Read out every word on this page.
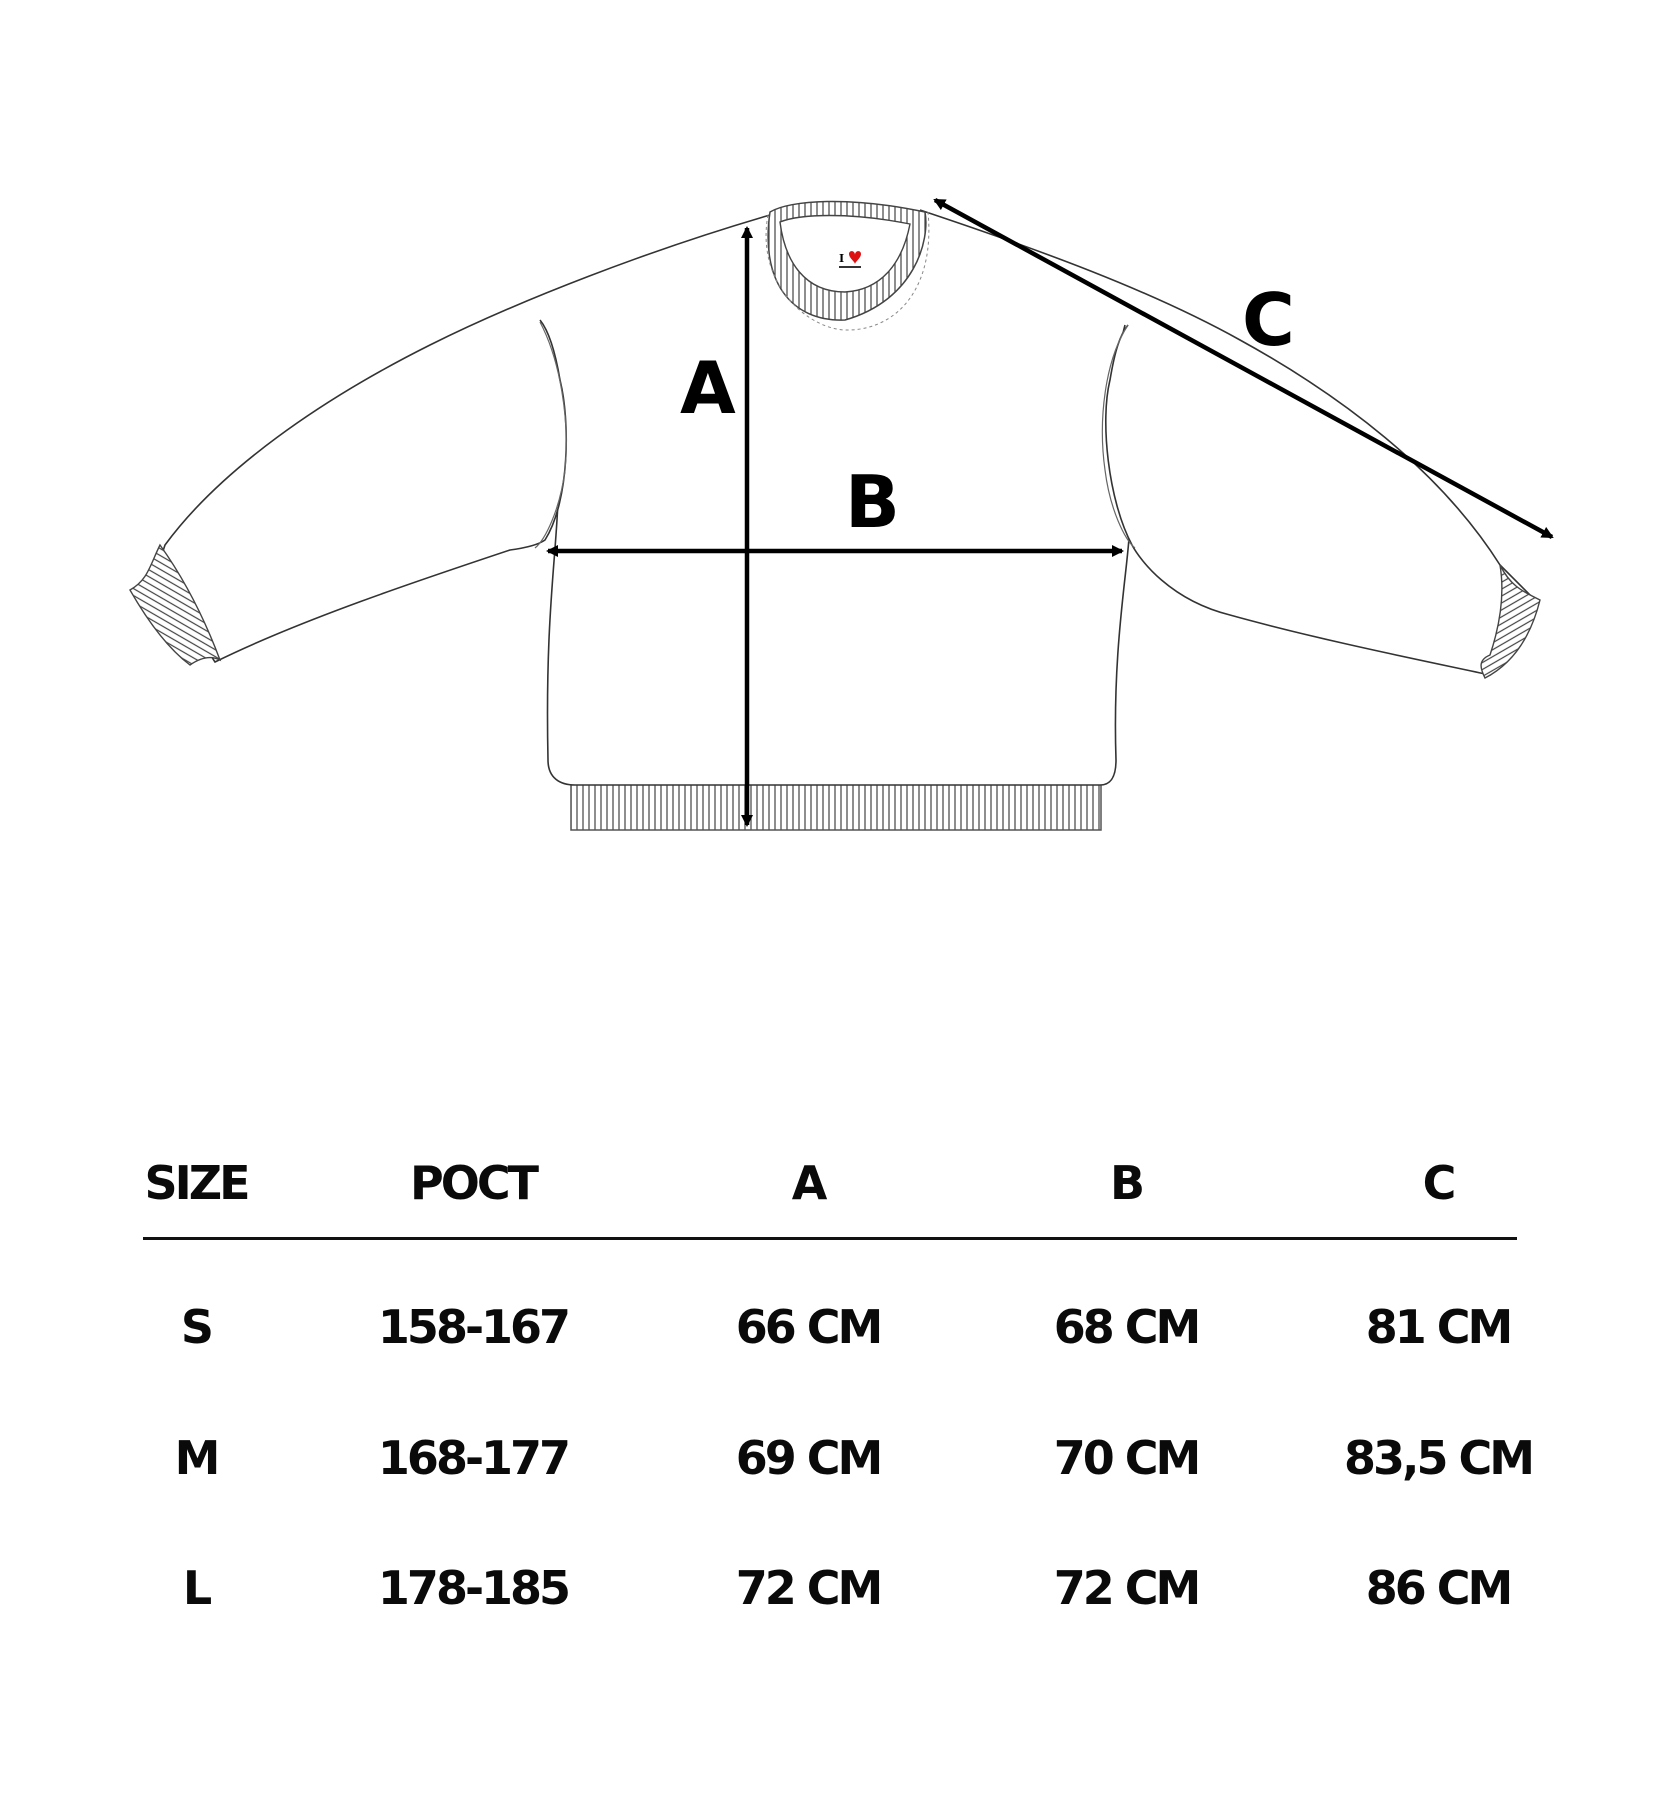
I
A
B
C
SIZE	POCT	A	B	C
S	158-167	66 CM	68 CM	81 CM
M	168-177	69 CM	70 CM	83,5 CM
L	178-185	72 CM	72 CM	86 CM
